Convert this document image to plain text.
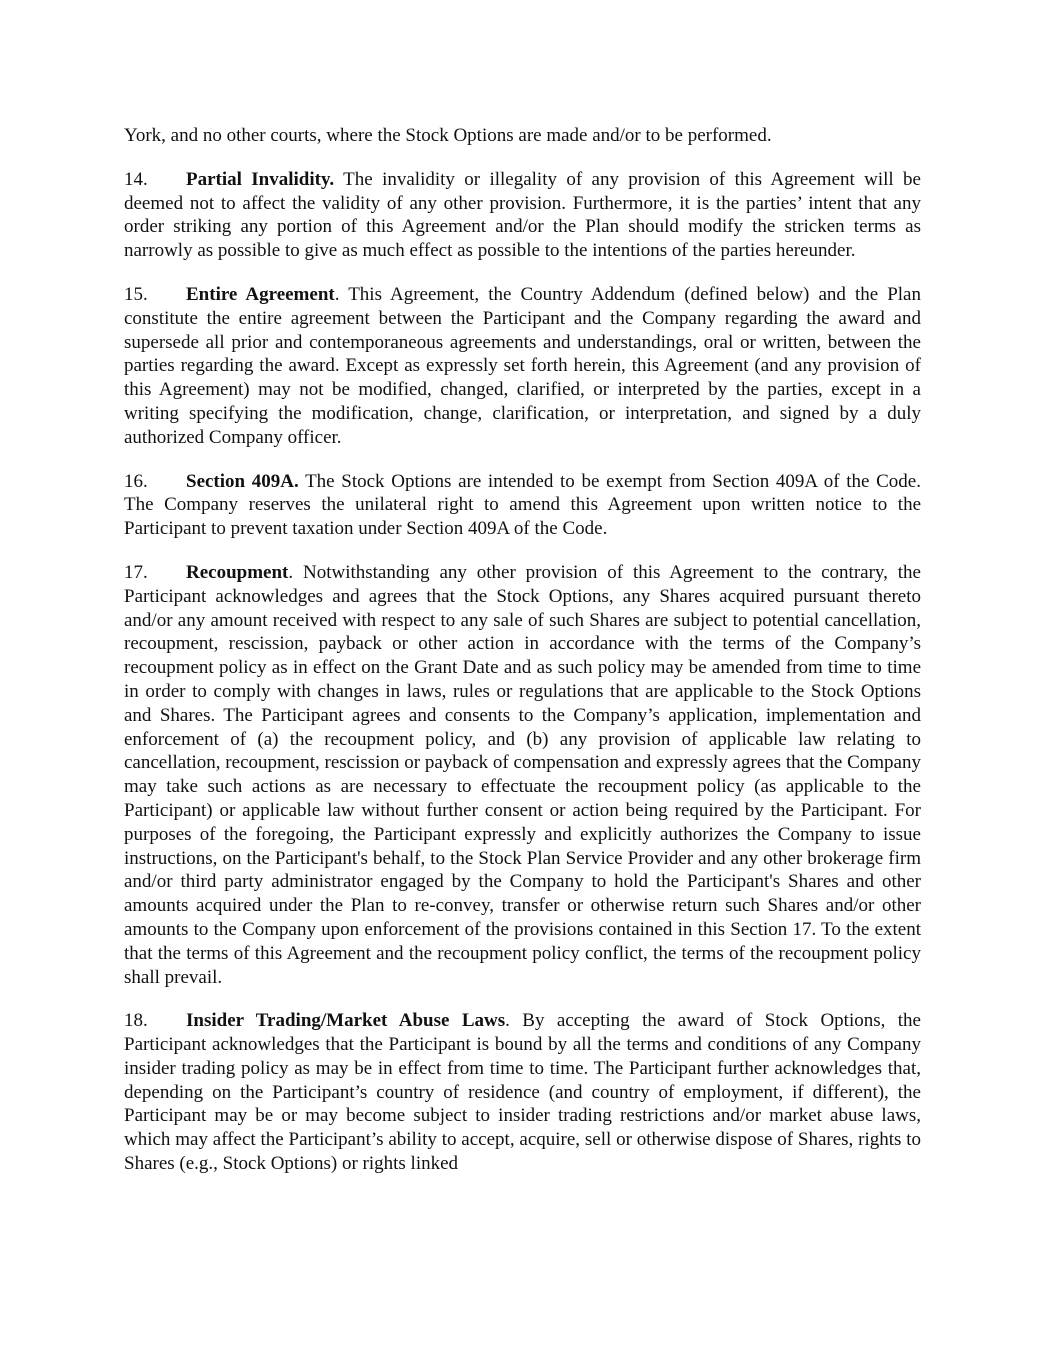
York, and no other courts, where the Stock Options are made and/or to be performed.

14. Partial Invalidity. The invalidity or illegality of any provision of this Agreement will be deemed not to affect the validity of any other provision. Furthermore, it is the parties’ intent that any order striking any portion of this Agreement and/or the Plan should modify the stricken terms as narrowly as possible to give as much effect as possible to the intentions of the parties hereunder.

15. Entire Agreement. This Agreement, the Country Addendum (defined below) and the Plan constitute the entire agreement between the Participant and the Company regarding the award and supersede all prior and contemporaneous agreements and understandings, oral or written, between the parties regarding the award. Except as expressly set forth herein, this Agreement (and any provision of this Agreement) may not be modified, changed, clarified, or interpreted by the parties, except in a writing specifying the modification, change, clarification, or interpretation, and signed by a duly authorized Company officer.

16. Section 409A. The Stock Options are intended to be exempt from Section 409A of the Code. The Company reserves the unilateral right to amend this Agreement upon written notice to the Participant to prevent taxation under Section 409A of the Code.

17. Recoupment. Notwithstanding any other provision of this Agreement to the contrary, the Participant acknowledges and agrees that the Stock Options, any Shares acquired pursuant thereto and/or any amount received with respect to any sale of such Shares are subject to potential cancellation, recoupment, rescission, payback or other action in accordance with the terms of the Company’s recoupment policy as in effect on the Grant Date and as such policy may be amended from time to time in order to comply with changes in laws, rules or regulations that are applicable to the Stock Options and Shares. The Participant agrees and consents to the Company’s application, implementation and enforcement of (a) the recoupment policy, and (b) any provision of applicable law relating to cancellation, recoupment, rescission or payback of compensation and expressly agrees that the Company may take such actions as are necessary to effectuate the recoupment policy (as applicable to the Participant) or applicable law without further consent or action being required by the Participant. For purposes of the foregoing, the Participant expressly and explicitly authorizes the Company to issue instructions, on the Participant's behalf, to the Stock Plan Service Provider and any other brokerage firm and/or third party administrator engaged by the Company to hold the Participant's Shares and other amounts acquired under the Plan to re-convey, transfer or otherwise return such Shares and/or other amounts to the Company upon enforcement of the provisions contained in this Section 17. To the extent that the terms of this Agreement and the recoupment policy conflict, the terms of the recoupment policy shall prevail.

18. Insider Trading/Market Abuse Laws. By accepting the award of Stock Options, the Participant acknowledges that the Participant is bound by all the terms and conditions of any Company insider trading policy as may be in effect from time to time. The Participant further acknowledges that, depending on the Participant’s country of residence (and country of employment, if different), the Participant may be or may become subject to insider trading restrictions and/or market abuse laws, which may affect the Participant’s ability to accept, acquire, sell or otherwise dispose of Shares, rights to Shares (e.g., Stock Options) or rights linked
